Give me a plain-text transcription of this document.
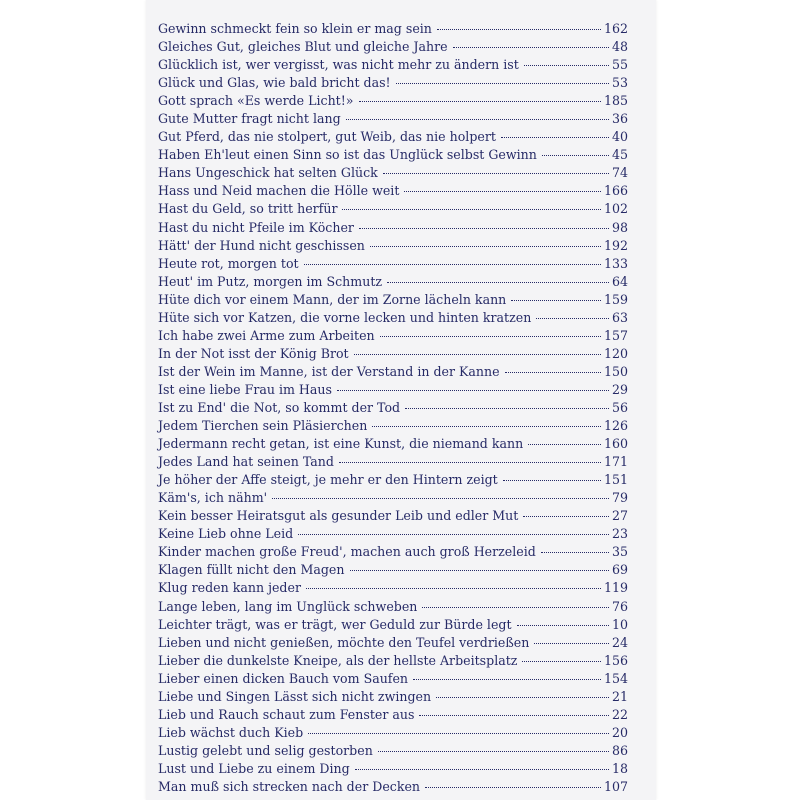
Gewinn schmeckt fein so klein er mag sein	162
Gleiches Gut, gleiches Blut und gleiche Jahre	48
Glücklich ist, wer vergisst, was nicht mehr zu ändern ist	55
Glück und Glas, wie bald bricht das!	53
Gott sprach «Es werde Licht!»	185
Gute Mutter fragt nicht lang	36
Gut Pferd, das nie stolpert, gut Weib, das nie holpert	40
Haben Eh'leut einen Sinn so ist das Unglück selbst Gewinn	45
Hans Ungeschick hat selten Glück	74
Hass und Neid machen die Hölle weit	166
Hast du Geld, so tritt herfür	102
Hast du nicht Pfeile im Köcher	98
Hätt' der Hund nicht geschissen	192
Heute rot, morgen tot	133
Heut' im Putz, morgen im Schmutz	64
Hüte dich vor einem Mann, der im Zorne lächeln kann	159
Hüte sich vor Katzen, die vorne lecken und hinten kratzen	63
Ich habe zwei Arme zum Arbeiten	157
In der Not isst der König Brot	120
Ist der Wein im Manne, ist der Verstand in der Kanne	150
Ist eine liebe Frau im Haus	29
Ist zu End' die Not, so kommt der Tod	56
Jedem Tierchen sein Pläsierchen	126
Jedermann recht getan, ist eine Kunst, die niemand kann	160
Jedes Land hat seinen Tand	171
Je höher der Affe steigt, je mehr er den Hintern zeigt	151
Käm's, ich nähm'	79
Kein besser Heiratsgut als gesunder Leib und edler Mut	27
Keine Lieb ohne Leid	23
Kinder machen große Freud', machen auch groß Herzeleid	35
Klagen füllt nicht den Magen	69
Klug reden kann jeder	119
Lange leben, lang im Unglück schweben	76
Leichter trägt, was er trägt, wer Geduld zur Bürde legt	10
Lieben und nicht genießen, möchte den Teufel verdrießen	24
Lieber die dunkelste Kneipe, als der hellste Arbeitsplatz	156
Lieber einen dicken Bauch vom Saufen	154
Liebe und Singen Lässt sich nicht zwingen	21
Lieb und Rauch schaut zum Fenster aus	22
Lieb wächst duch Kieb	20
Lustig gelebt und selig gestorben	86
Lust und Liebe zu einem Ding	18
Man muß sich strecken nach der Decken	107
